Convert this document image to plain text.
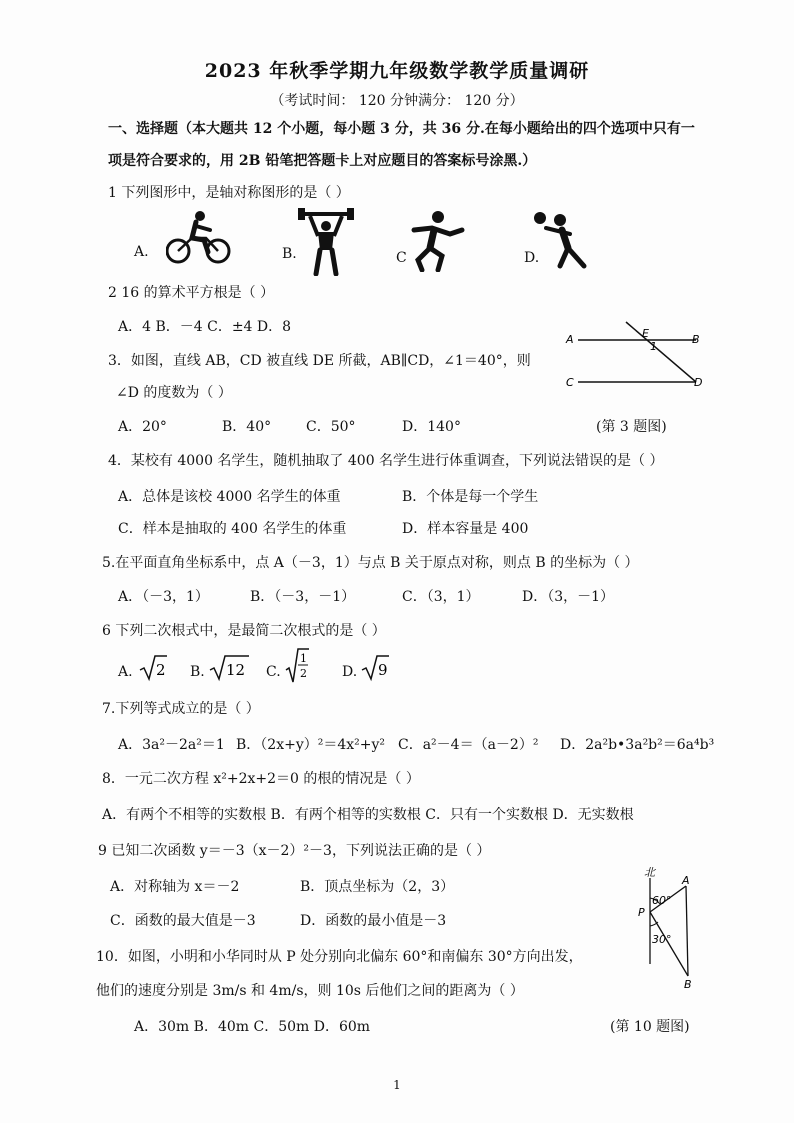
2023 年秋季学期九年级数学教学质量调研
（考试时间： 120 分钟满分： 120 分）
一、选择题（本大题共 12 个小题，每小题 3 分，共 36 分.在每小题给出的四个选项中只有一
项是符合要求的，用 2B 铅笔把答题卡上对应题目的答案标号涂黑.）
1 下列图形中，是轴对称图形的是（ ）
A.	B.	C	D.
2 16 的算术平方根是（ ）
A．4 B．－4 C．±4 D．8
3．如图，直线 AB，CD 被直线 DE 所截，AB∥CD，∠1＝40°，则
∠D 的度数为（ ）
A．20°	B．40° C．50°	D．140°
A	B
C	D
E
1
(第 3 题图)
4．某校有 4000 名学生，随机抽取了 400 名学生进行体重调查，下列说法错误的是（ ）
A．总体是该校 4000 名学生的体重	B．个体是每一个学生
C．样本是抽取的 400 名学生的体重	D．样本容量是 400
5.在平面直角坐标系中，点 A（－3，1）与点 B 关于原点对称，则点 B 的坐标为（ ）
A．（－3，1）	B．（－3，－1）	C．（3，1）	D．（3，－1）
6 下列二次根式中，是最简二次根式的是（ ）
A. 2 B. 12 C.
1
2	D. 9
7.下列等式成立的是（ ）
A．3a²－2a²＝1 B．（2x+y）²＝4x²+y² C．a²－4＝（a－2）² D．2a²b•3a²b²＝6a⁴b³
8．一元二次方程 x²+2x+2＝0 的根的情况是（ ）
A．有两个不相等的实数根 B．有两个相等的实数根 C．只有一个实数根 D．无实数根
9 已知二次函数 y＝－3（x－2）²－3，下列说法正确的是（ ）
A．对称轴为 x＝－2	B．顶点坐标为（2，3）
C．函数的最大值是－3	D．函数的最小值是－3
10．如图，小明和小华同时从 P 处分别向北偏东 60°和南偏东 30°方向出发，
他们的速度分别是 3m/s 和 4m/s，则 10s 后他们之间的距离为（ ）
A．30m B．40m C．50m D．60m
北
P
A
B
60°
30°
(第 10 题图)
1
